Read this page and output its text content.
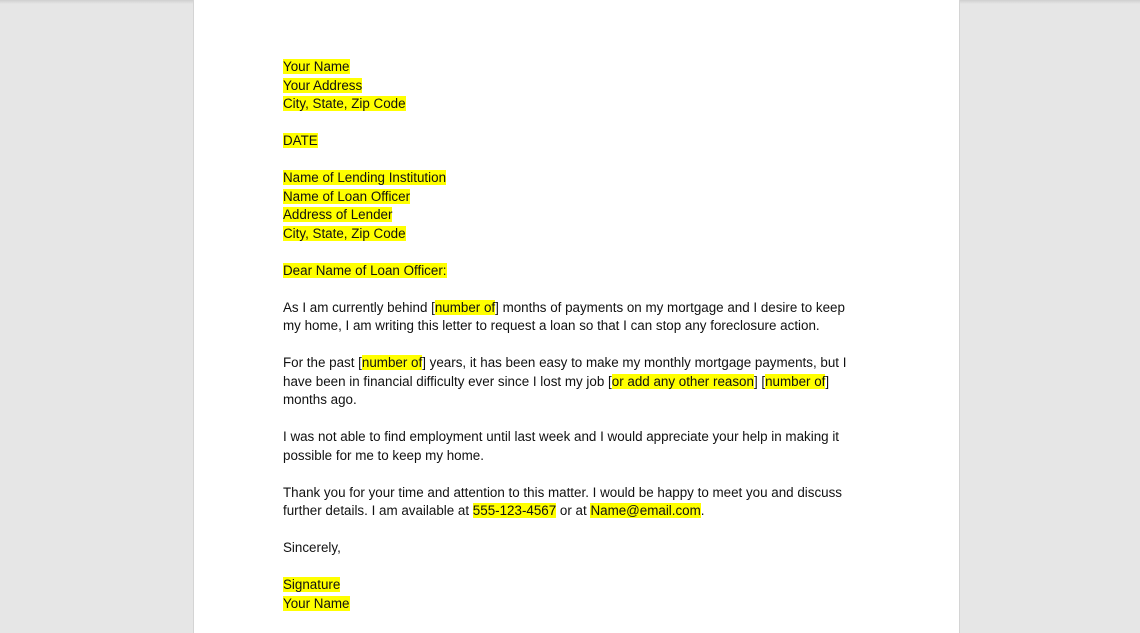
Your Name
Your Address
City, State, Zip Code
DATE
Name of Lending Institution
Name of Loan Officer
Address of Lender
City, State, Zip Code
Dear Name of Loan Officer:
As I am currently behind [number of] months of payments on my mortgage and I desire to keep
my home, I am writing this letter to request a loan so that I can stop any foreclosure action.
For the past [number of] years, it has been easy to make my monthly mortgage payments, but I
have been in financial difficulty ever since I lost my job [or add any other reason] [number of]
months ago.
I was not able to find employment until last week and I would appreciate your help in making it
possible for me to keep my home.
Thank you for your time and attention to this matter. I would be happy to meet you and discuss
further details. I am available at 555-123-4567 or at Name@email.com.
Sincerely,
Signature
Your Name
